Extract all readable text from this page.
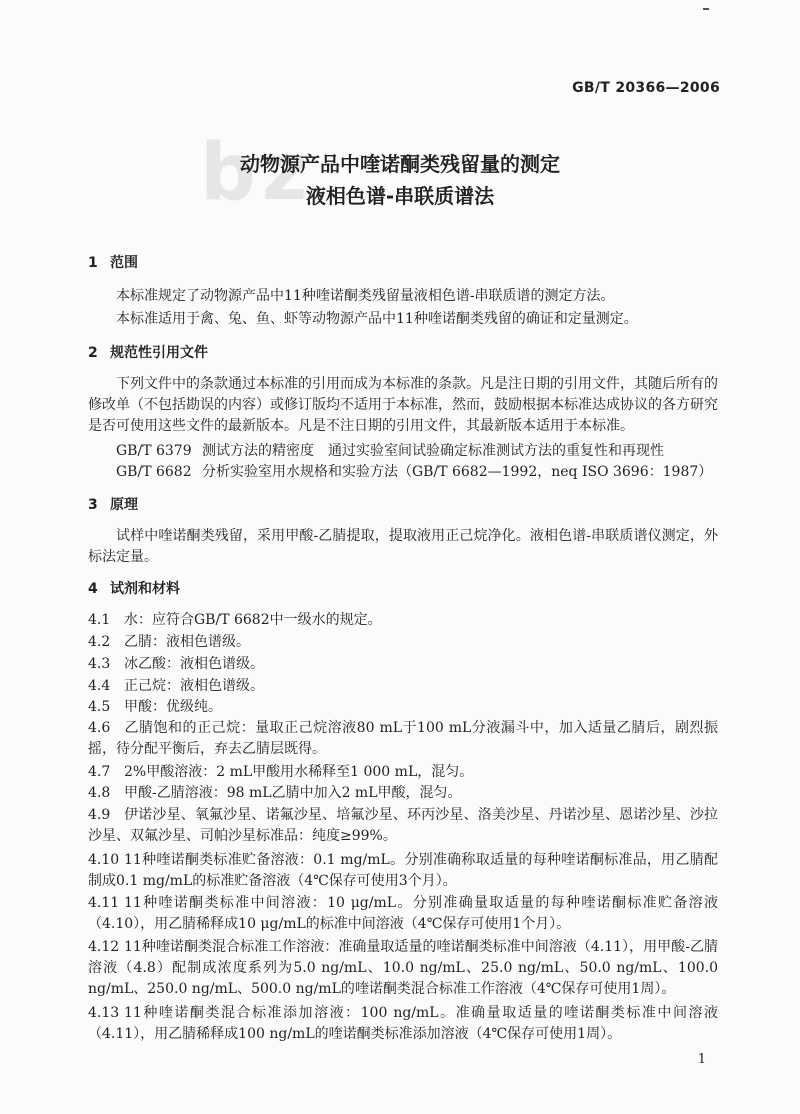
GB/T 20366—2006
bz
动物源产品中喹诺酮类残留量的测定
液相色谱-串联质谱法
1 范围
本标准规定了动物源产品中11种喹诺酮类残留量液相色谱-串联质谱的测定方法。
本标准适用于禽、兔、鱼、虾等动物源产品中11种喹诺酮类残留的确证和定量测定。
2 规范性引用文件
下列文件中的条款通过本标准的引用而成为本标准的条款。凡是注日期的引用文件，其随后所有的修改单（不包括勘误的内容）或修订版均不适用于本标准，然而，鼓励根据本标准达成协议的各方研究是否可使用这些文件的最新版本。凡是不注日期的引用文件，其最新版本适用于本标准。
GB/T 6379 测试方法的精密度　通过实验室间试验确定标准测试方法的重复性和再现性
GB/T 6682 分析实验室用水规格和实验方法（GB/T 6682—1992，neq ISO 3696：1987）
3 原理
试样中喹诺酮类残留，采用甲酸-乙腈提取，提取液用正己烷净化。液相色谱-串联质谱仪测定，外标法定量。
4 试剂和材料
4.1 水：应符合GB/T 6682中一级水的规定。
4.2 乙腈：液相色谱级。
4.3 冰乙酸：液相色谱级。
4.4 正己烷：液相色谱级。
4.5 甲酸：优级纯。
4.6 乙腈饱和的正己烷：量取正己烷溶液80 mL于100 mL分液漏斗中，加入适量乙腈后，剧烈振摇，待分配平衡后，弃去乙腈层既得。
4.7 2%甲酸溶液：2 mL甲酸用水稀释至1 000 mL，混匀。
4.8 甲酸-乙腈溶液：98 mL乙腈中加入2 mL甲酸，混匀。
4.9 伊诺沙星、氧氟沙星、诺氟沙星、培氟沙星、环丙沙星、洛美沙星、丹诺沙星、恩诺沙星、沙拉沙星、双氟沙星、司帕沙星标准品：纯度≥99%。
4.10 11种喹诺酮类标准贮备溶液：0.1 mg/mL。分别准确称取适量的每种喹诺酮标准品，用乙腈配制成0.1 mg/mL的标准贮备溶液（4℃保存可使用3个月）。
4.11 11种喹诺酮类标准中间溶液：10 μg/mL。分别准确量取适量的每种喹诺酮标准贮备溶液（4.10），用乙腈稀释成10 μg/mL的标准中间溶液（4℃保存可使用1个月）。
4.12 11种喹诺酮类混合标准工作溶液：准确量取适量的喹诺酮类标准中间溶液（4.11），用甲酸-乙腈溶液（4.8）配制成浓度系列为5.0 ng/mL、10.0 ng/mL、25.0 ng/mL、50.0 ng/mL、100.0 ng/mL、250.0 ng/mL、500.0 ng/mL的喹诺酮类混合标准工作溶液（4℃保存可使用1周）。
4.13 11种喹诺酮类混合标准添加溶液：100 ng/mL。准确量取适量的喹诺酮类标准中间溶液（4.11），用乙腈稀释成100 ng/mL的喹诺酮类标准添加溶液（4℃保存可使用1周）。
1
